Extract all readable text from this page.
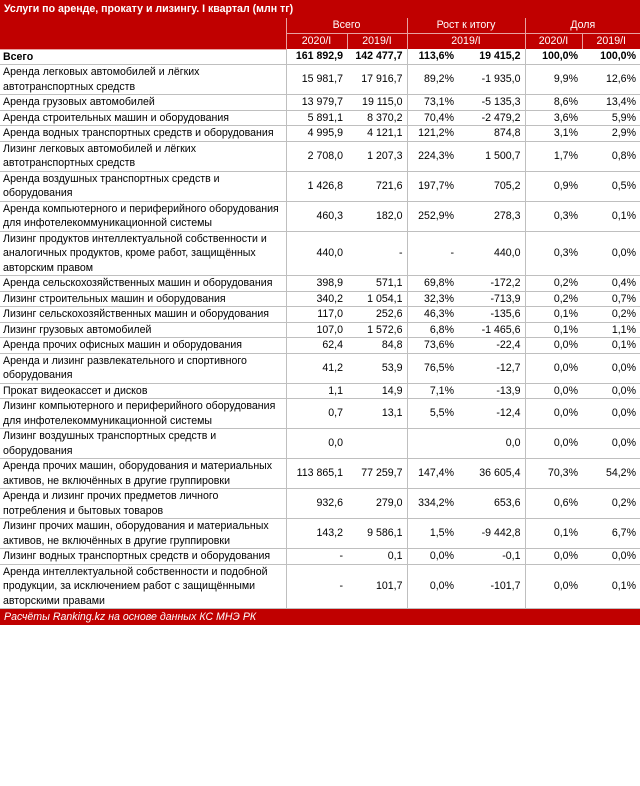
Услуги по аренде, прокату и лизингу. I квартал (млн тг)
	Всего		Рост к итогу		Доля	
	2020/I	2019/I	2019/I		2020/I	2019/I
Всего	161 892,9	142 477,7	113,6%	19 415,2	100,0%	100,0%
Аренда легковых автомобилей и лёгких автотранспортных средств	15 981,7	17 916,7	89,2%	-1 935,0	9,9%	12,6%
Аренда грузовых автомобилей	13 979,7	19 115,0	73,1%	-5 135,3	8,6%	13,4%
Аренда строительных машин и оборудования	5 891,1	8 370,2	70,4%	-2 479,2	3,6%	5,9%
Аренда водных транспортных средств и оборудования	4 995,9	4 121,1	121,2%	874,8	3,1%	2,9%
Лизинг легковых автомобилей и лёгких автотранспортных средств	2 708,0	1 207,3	224,3%	1 500,7	1,7%	0,8%
Аренда воздушных транспортных средств и оборудования	1 426,8	721,6	197,7%	705,2	0,9%	0,5%
Аренда компьютерного и периферийного оборудования для инфотелекоммуникационной системы	460,3	182,0	252,9%	278,3	0,3%	0,1%
Лизинг продуктов интеллектуальной собственности и аналогичных продуктов, кроме работ, защищённых авторским правом	440,0	-	-	440,0	0,3%	0,0%
Аренда сельскохозяйственных машин и оборудования	398,9	571,1	69,8%	-172,2	0,2%	0,4%
Лизинг строительных машин и оборудования	340,2	1 054,1	32,3%	-713,9	0,2%	0,7%
Лизинг сельскохозяйственных машин и оборудования	117,0	252,6	46,3%	-135,6	0,1%	0,2%
Лизинг грузовых автомобилей	107,0	1 572,6	6,8%	-1 465,6	0,1%	1,1%
Аренда прочих офисных машин и оборудования	62,4	84,8	73,6%	-22,4	0,0%	0,1%
Аренда и лизинг развлекательного и спортивного оборудования	41,2	53,9	76,5%	-12,7	0,0%	0,0%
Прокат видеокассет и дисков	1,1	14,9	7,1%	-13,9	0,0%	0,0%
Лизинг компьютерного и периферийного оборудования для инфотелекоммуникационной системы	0,7	13,1	5,5%	-12,4	0,0%	0,0%
Лизинг воздушных транспортных средств и оборудования	0,0			0,0	0,0%	0,0%
Аренда прочих машин, оборудования и материальных активов, не включённых в другие группировки	113 865,1	77 259,7	147,4%	36 605,4	70,3%	54,2%
Аренда и лизинг прочих предметов личного потребления и бытовых товаров	932,6	279,0	334,2%	653,6	0,6%	0,2%
Лизинг прочих машин, оборудования и материальных активов, не включённых в другие группировки	143,2	9 586,1	1,5%	-9 442,8	0,1%	6,7%
Лизинг водных транспортных средств и оборудования	-	0,1	0,0%	-0,1	0,0%	0,0%
Аренда интеллектуальной собственности и подобной продукции, за исключением работ с защищёнными авторскими правами	-	101,7	0,0%	-101,7	0,0%	0,1%
Расчёты Ranking.kz на основе данных КС МНЭ РК
